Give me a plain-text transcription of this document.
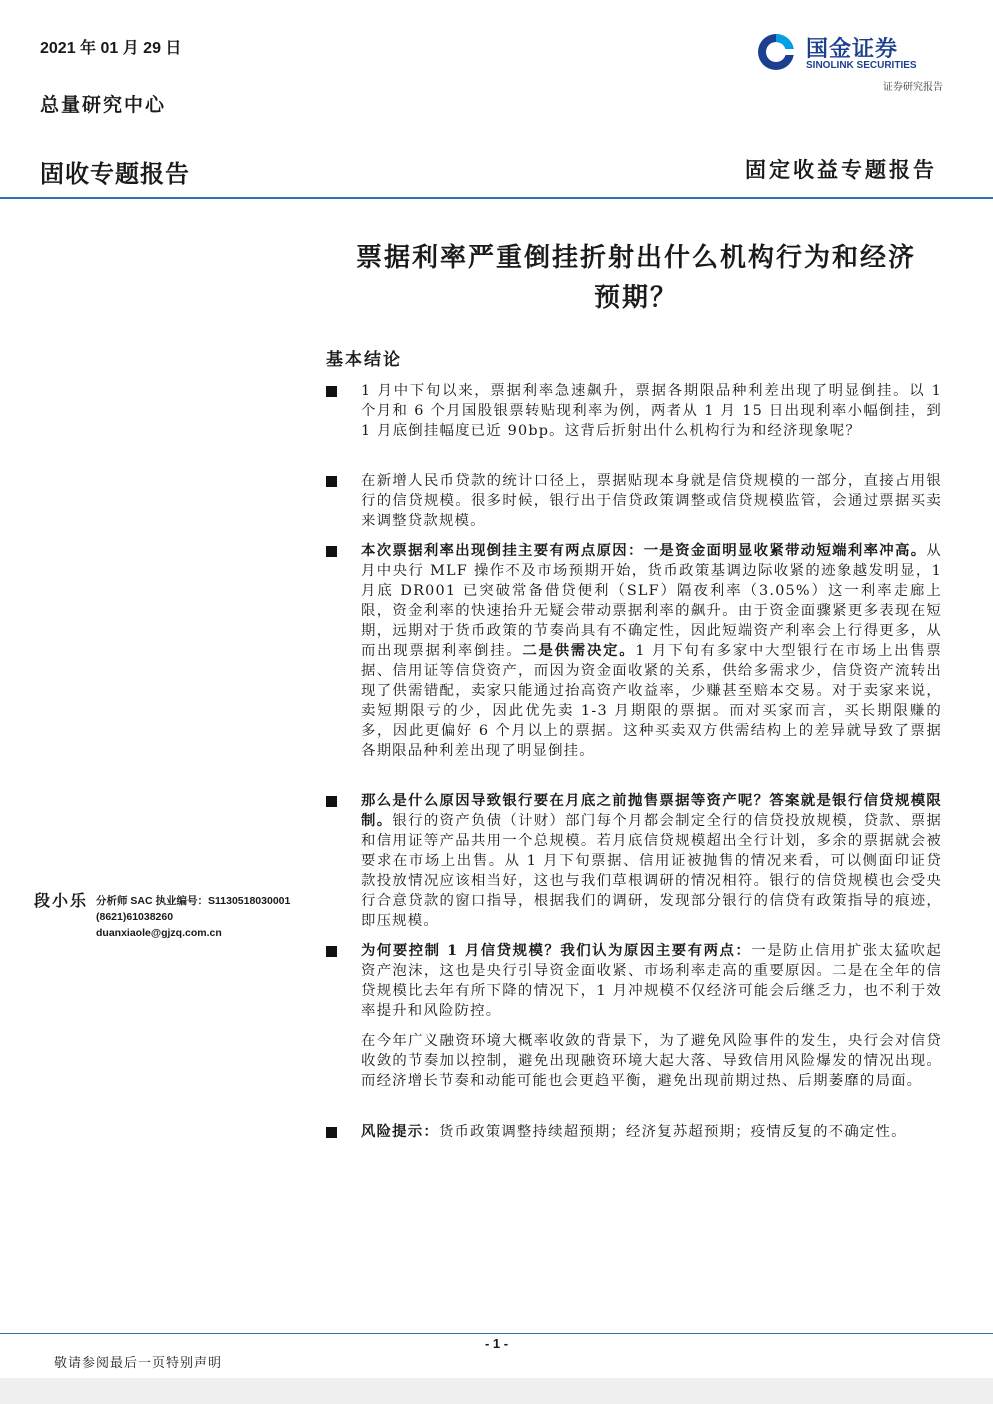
2021 年 01 月 29 日
总量研究中心
固收专题报告	固定收益专题报告
国金证券
SINOLINK SECURITIES
证券研究报告
票据利率严重倒挂折射出什么机构行为和经济
预期？
基本结论
1 月中下旬以来，票据利率急速飙升，票据各期限品种利差出现了明显倒挂。以 1 个月和 6 个月国股银票转贴现利率为例，两者从 1 月 15 日出现利率小幅倒挂，到 1 月底倒挂幅度已近 90bp。这背后折射出什么机构行为和经济现象呢？
在新增人民币贷款的统计口径上，票据贴现本身就是信贷规模的一部分，直接占用银行的信贷规模。很多时候，银行出于信贷政策调整或信贷规模监管，会通过票据买卖来调整贷款规模。
本次票据利率出现倒挂主要有两点原因：一是资金面明显收紧带动短端利率冲高。从月中央行 MLF 操作不及市场预期开始，货币政策基调边际收紧的迹象越发明显，1 月底 DR001 已突破常备借贷便利（SLF）隔夜利率（3.05%）这一利率走廊上限，资金利率的快速抬升无疑会带动票据利率的飙升。由于资金面骤紧更多表现在短期，远期对于货币政策的节奏尚具有不确定性，因此短端资产利率会上行得更多，从而出现票据利率倒挂。二是供需决定。1 月下旬有多家中大型银行在市场上出售票据、信用证等信贷资产，而因为资金面收紧的关系，供给多需求少，信贷资产流转出现了供需错配，卖家只能通过抬高资产收益率，少赚甚至赔本交易。对于卖家来说，卖短期限亏的少，因此优先卖 1-3 月期限的票据。而对买家而言，买长期限赚的多，因此更偏好 6 个月以上的票据。这种买卖双方供需结构上的差异就导致了票据各期限品种利差出现了明显倒挂。
那么是什么原因导致银行要在月底之前抛售票据等资产呢？答案就是银行信贷规模限制。银行的资产负债（计财）部门每个月都会制定全行的信贷投放规模，贷款、票据和信用证等产品共用一个总规模。若月底信贷规模超出全行计划，多余的票据就会被要求在市场上出售。从 1 月下旬票据、信用证被抛售的情况来看，可以侧面印证贷款投放情况应该相当好，这也与我们草根调研的情况相符。银行的信贷规模也会受央行合意贷款的窗口指导，根据我们的调研，发现部分银行的信贷有政策指导的痕迹，即压规模。
为何要控制 1 月信贷规模？我们认为原因主要有两点：一是防止信用扩张太猛吹起资产泡沫，这也是央行引导资金面收紧、市场利率走高的重要原因。二是在全年的信贷规模比去年有所下降的情况下，1 月冲规模不仅经济可能会后继乏力，也不利于效率提升和风险防控。
在今年广义融资环境大概率收敛的背景下，为了避免风险事件的发生，央行会对信贷收敛的节奏加以控制，避免出现融资环境大起大落、导致信用风险爆发的情况出现。而经济增长节奏和动能可能也会更趋平衡，避免出现前期过热、后期萎靡的局面。
风险提示：货币政策调整持续超预期；经济复苏超预期；疫情反复的不确定性。
段小乐 分析师 SAC 执业编号：S1130518030001
(8621)61038260
duanxiaole@gjzq.com.cn
- 1 -
敬请参阅最后一页特别声明
